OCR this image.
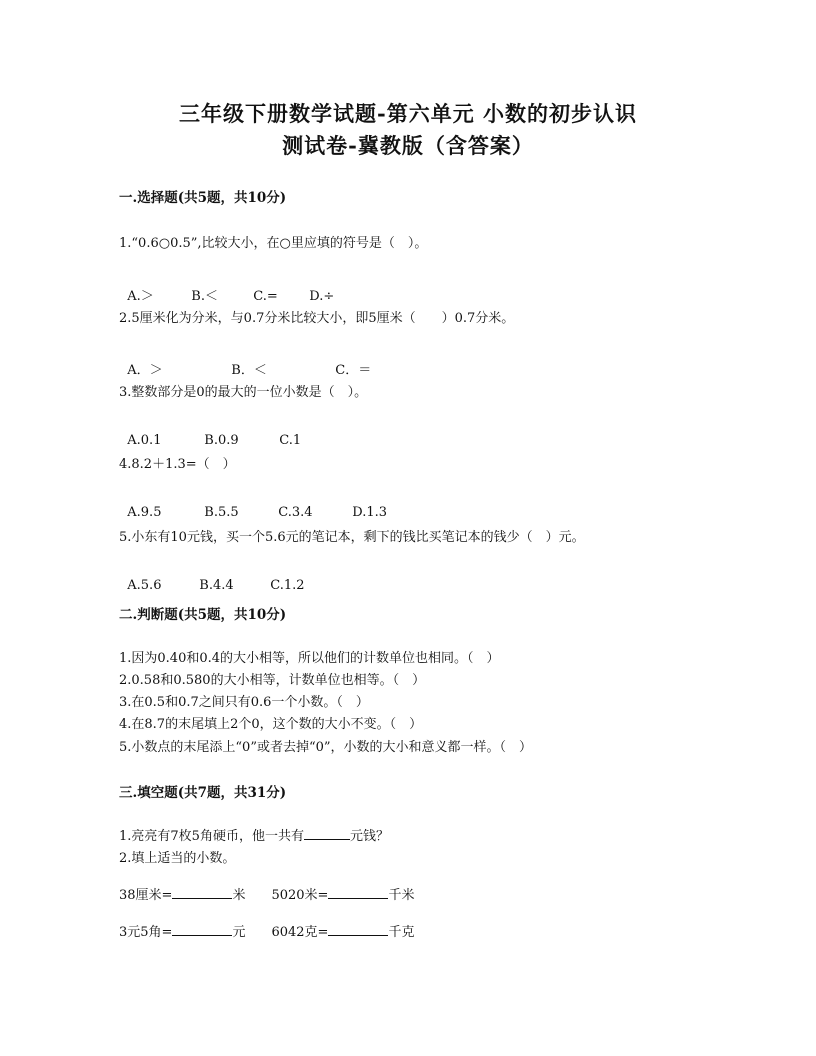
三年级下册数学试题-第六单元 小数的初步认识
测试卷-冀教版（含答案）
一.选择题(共5题，共10分)
1.“0.6○0.5”,比较大小，在○里应填的符号是（　）。

A.＞	B.＜	C.= D.÷

2.5厘米化为分米，与0.7分米比较大小，即5厘米（　　）0.7分米。

A．＞	B．＜	C．＝

3.整数部分是0的最大的一位小数是（　）。

A.0.1	B.0.9	C.1

4.8.2＋1.3=（　）

A.9.5	B.5.5	C.3.4	D.1.3

5.小东有10元钱，买一个5.6元的笔记本，剩下的钱比买笔记本的钱少（　）元。

A.5.6	B.4.4	C.1.2

二.判断题(共5题，共10分)
1.因为0.40和0.4的大小相等，所以他们的计数单位也相同。（　）
2.0.58和0.580的大小相等，计数单位也相等。（　）
3.在0.5和0.7之间只有0.6一个小数。（　）
4.在8.7的末尾填上2个0，这个数的大小不变。（　）
5.小数点的末尾添上“0”或者去掉“0”，小数的大小和意义都一样。（　）
三.填空题(共7题，共31分)
1.亮亮有7枚5角硬币，他一共有	元钱？
2.填上适当的小数。
38厘米=	米 5020米=	千米
3元5角=	元 6042克=	千克
